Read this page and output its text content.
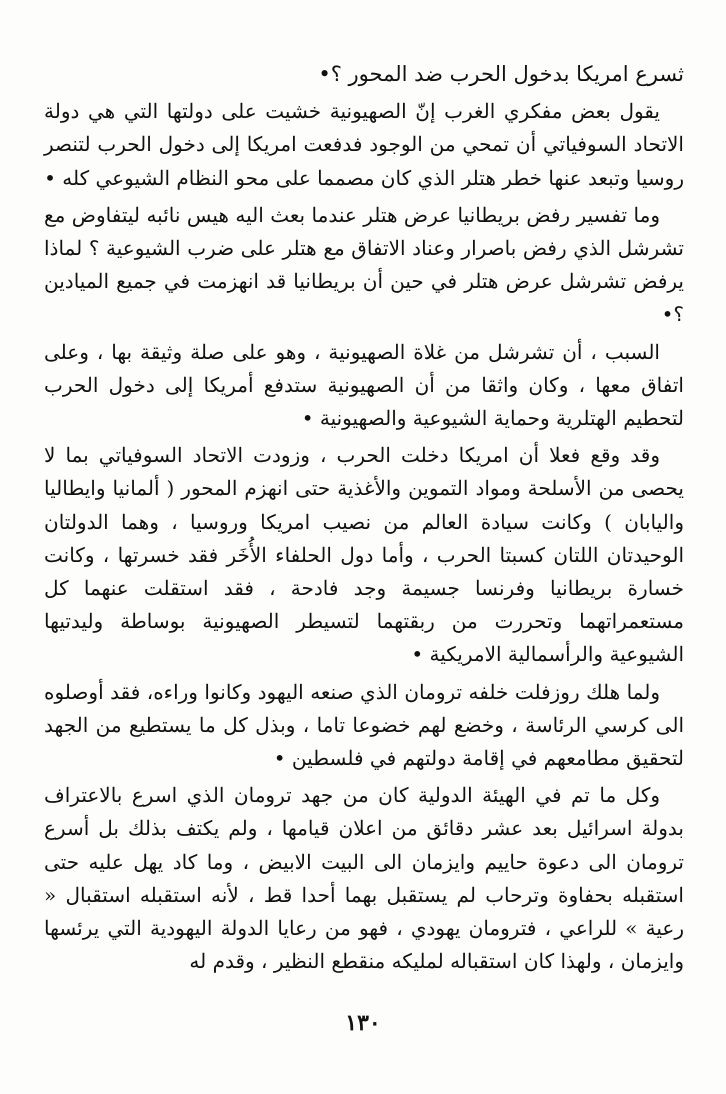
ثسرع امريكا بدخول الحرب ضد المحور ؟•

يقول بعض مفكري الغرب إنّ الصهيونية خشيت على دولتها التي هي دولة الاتحاد السوفياتي أن تمحي من الوجود فدفعت امريكا إلى دخول الحرب لتنصر روسيا وتبعد عنها خطر هتلر الذي كان مصمما على محو النظام الشيوعي كله •

وما تفسير رفض بريطانيا عرض هتلر عندما بعث اليه هيس نائبه ليتفاوض مع تشرشل الذي رفض باصرار وعناد الاتفاق مع هتلر على ضرب الشيوعية ؟ لماذا يرفض تشرشل عرض هتلر في حين أن بريطانيا قد انهزمت في جميع الميادين ؟•

السبب ، أن تشرشل من غلاة الصهيونية ، وهو على صلة وثيقة بها ، وعلى اتفاق معها ، وكان واثقا من أن الصهيونية ستدفع أمريكا إلى دخول الحرب لتحطيم الهتلرية وحماية الشيوعية والصهيونية •

وقد وقع فعلا أن امريكا دخلت الحرب ، وزودت الاتحاد السوفياتي بما لا يحصى من الأسلحة ومواد التموين والأغذية حتى انهزم المحور ( ألمانيا وايطاليا واليابان ) وكانت سيادة العالم من نصيب امريكا وروسيا ، وهما الدولتان الوحيدتان اللتان كسبتا الحرب ، وأما دول الحلفاء الأُخَر فقد خسرتها ، وكانت خسارة بريطانيا وفرنسا جسيمة وجد فادحة ، فقد استقلت عنهما كل مستعمراتهما وتحررت من ربقتهما لتسيطر الصهيونية بوساطة وليدتيها الشيوعية والرأسمالية الامريكية •

ولما هلك روزفلت خلفه ترومان الذي صنعه اليهود وكانوا وراءه، فقد أوصلوه الى كرسي الرئاسة ، وخضع لهم خضوعا تاما ، وبذل كل ما يستطيع من الجهد لتحقيق مطامعهم في إقامة دولتهم في فلسطين •

وكل ما تم في الهيئة الدولية كان من جهد ترومان الذي اسرع بالاعتراف بدولة اسرائيل بعد عشر دقائق من اعلان قيامها ، ولم يكتف بذلك بل أسرع ترومان الى دعوة حاييم وايزمان الى البيت الابيض ، وما كاد يهل عليه حتى استقبله بحفاوة وترحاب لم يستقبل بهما أحدا قط ، لأنه استقبله استقبال « رعية » للراعي ، فترومان يهودي ، فهو من رعايا الدولة اليهودية التي يرئسها وايزمان ، ولهذا كان استقباله لمليكه منقطع النظير ، وقدم له

١٣٠
